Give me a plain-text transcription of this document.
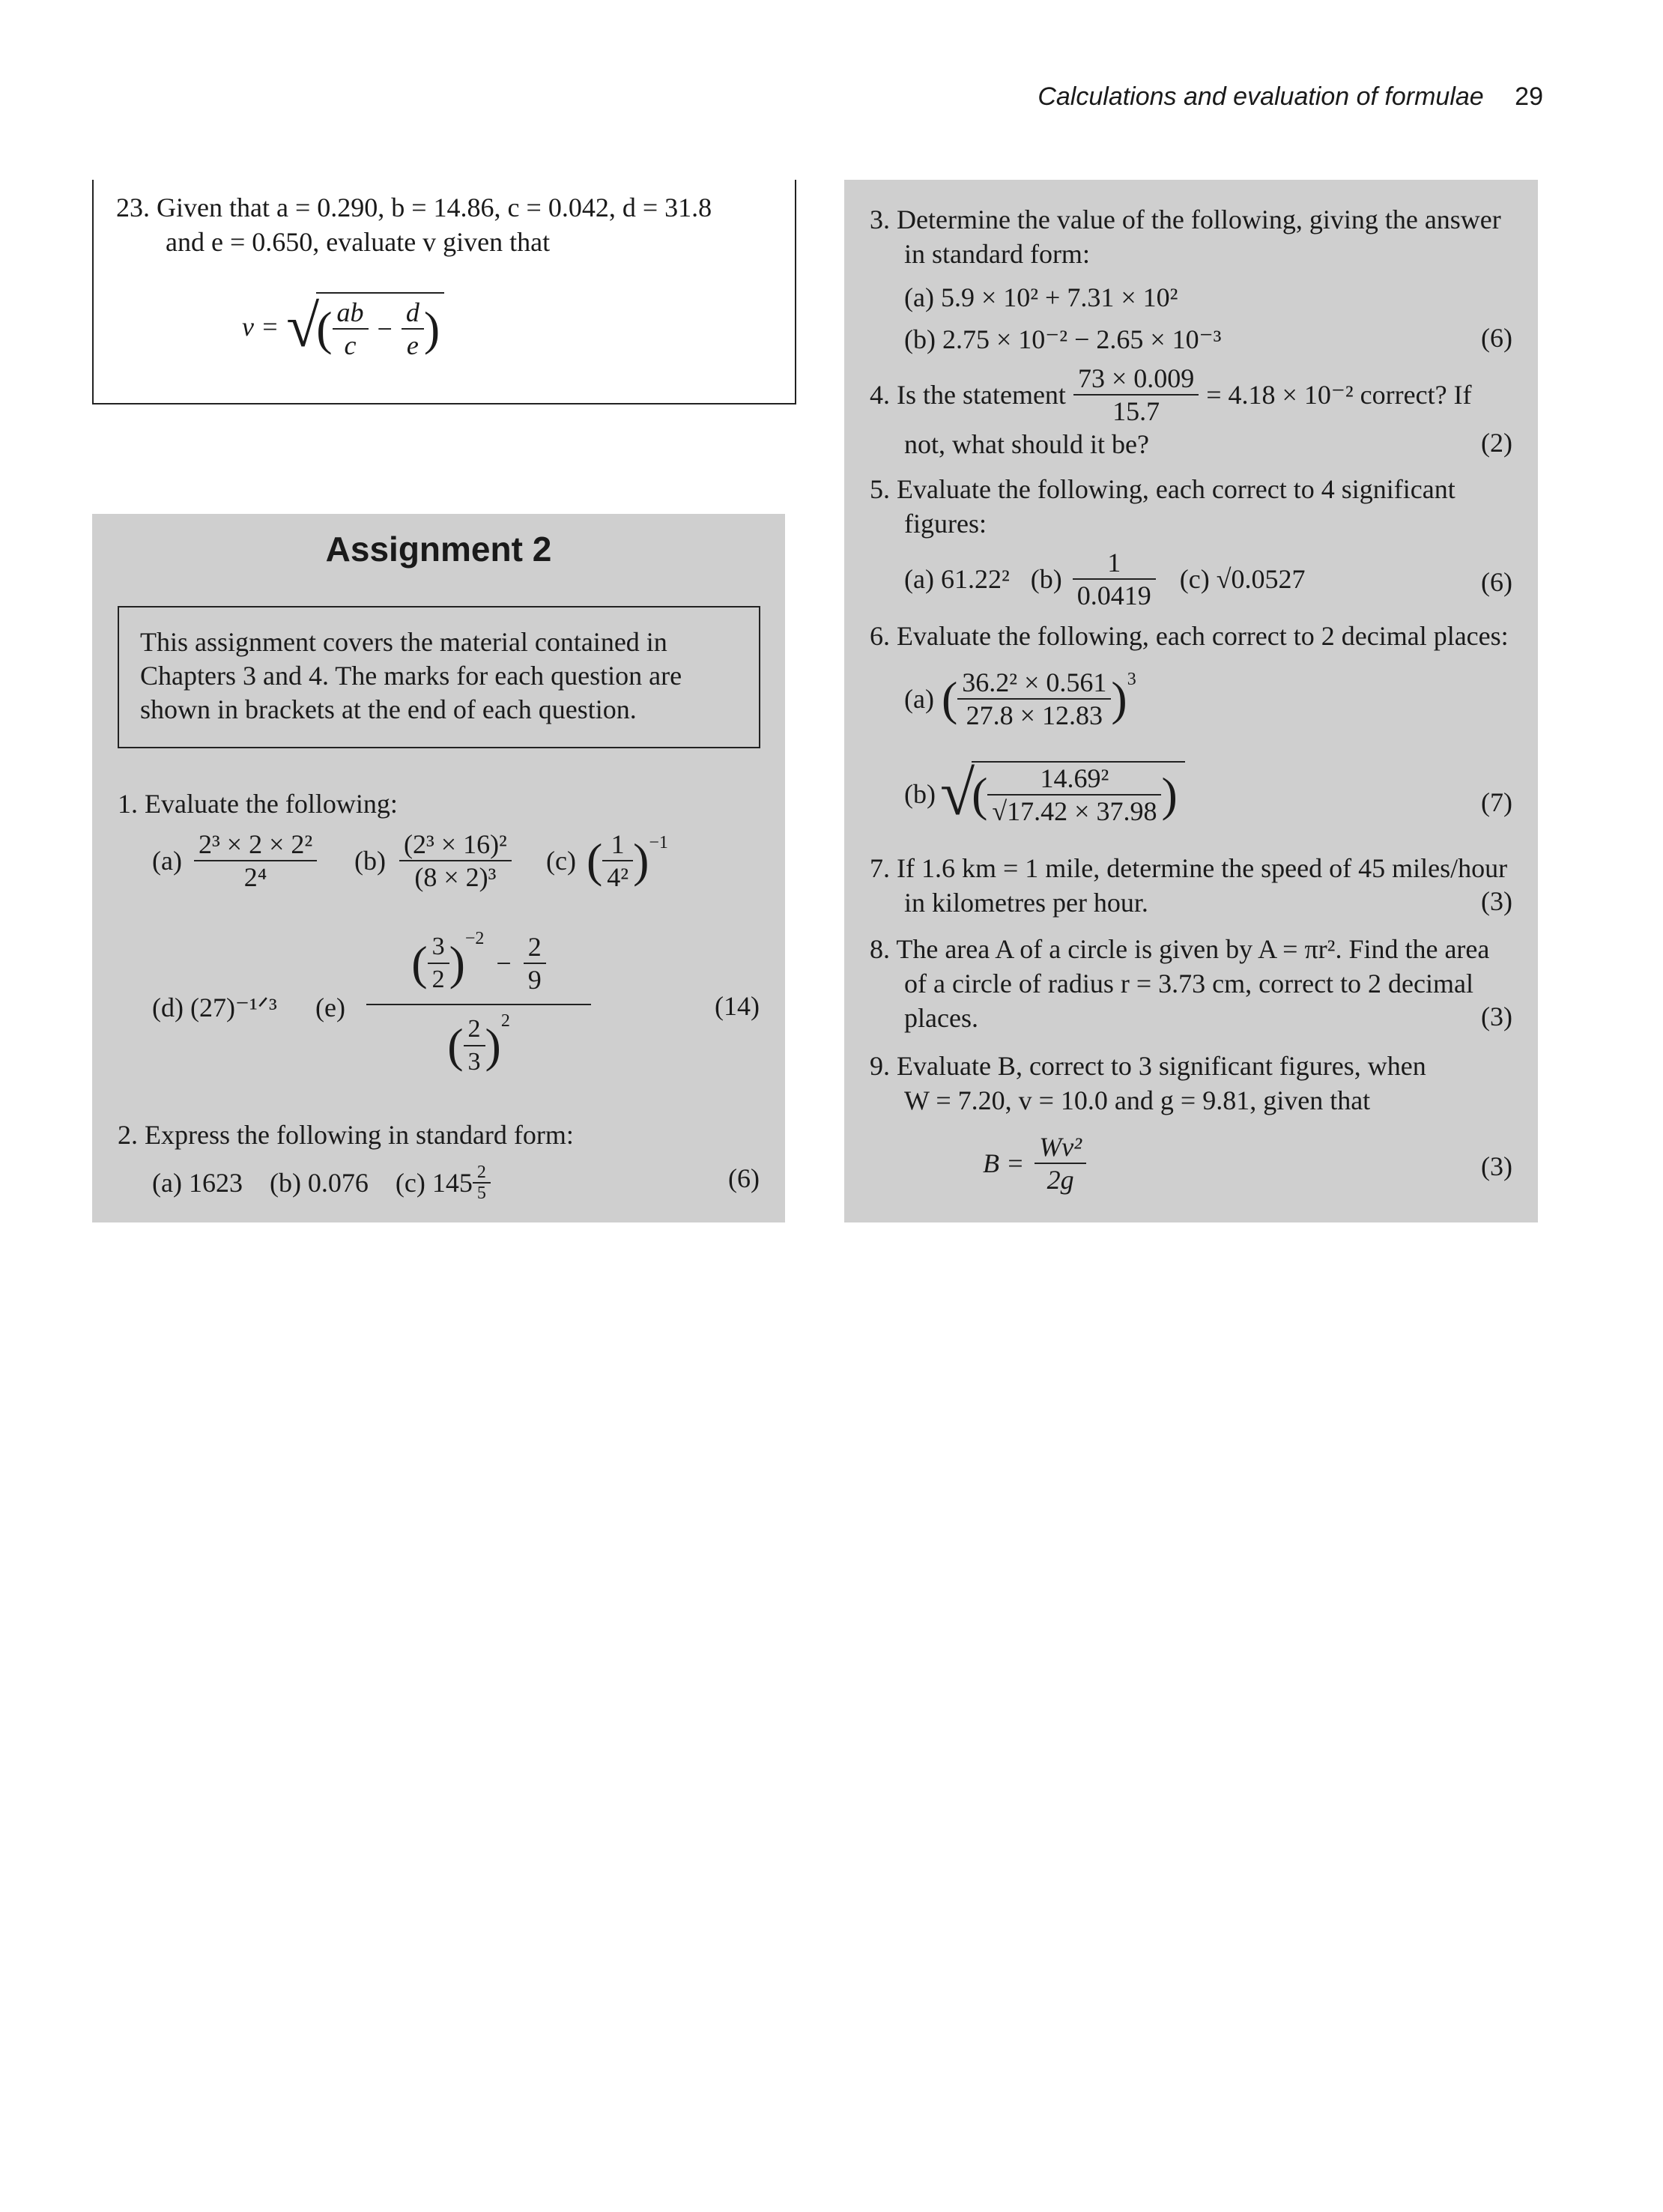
Calculations and evaluation of formulae 29
23. Given that a = 0.290, b = 14.86, c = 0.042, d = 31.8
and e = 0.650, evaluate v given that
v = √
( $\frac{ab}{c} - \frac{d}{e}$ )
Assignment 2
This assignment covers the material contained in Chapters 3 and 4. The marks for each question are shown in brackets at the end of each question.
1. Evaluate the following:
$(a) \frac{\text{2³ × 2 × 2²}}{\text{2⁴}} (b) \frac{\text{(2³ × 16)²}}{\text{(8 × 2)³}} (c)$ ( $\frac{1}{\text{4²}} )^{-1}$
(d) (27)⁻¹ᐟ³ (e)
( $\frac{3}{2} )^{-2}$
− $\frac{2}{9}$
( $\frac{2}{3} )^2$	(14)
2. Express the following in standard form:
(a) 1623    (b) 0.076    (c) $145 \frac{2}{5}$	(6)
3. Determine the value of the following, giving the answer
in standard form:
(a) 5.9 × 10² + 7.31 × 10²
(b) 2.75 × 10⁻² − 2.65 × 10⁻³	(6)
4. Is the statement $\frac{73 \times 0.009}{15.7} = 4.18 \times 10^{-2}$ correct? If
not, what should it be?	(2)
5. Evaluate the following, each correct to 4 significant
figures:
(a) 61.22² $(b) \frac{1}{0.0419} (c)$ √0.0527	(6)
6. Evaluate the following, each correct to 2 decimal places:
(a) ( $\frac{\text{36.2² × 0.561}}{27.8 \times 12.83} )^3$
(b) √
( $\frac{\text{14.69²}}{√17.42 \times 37.98}$ )	(7)
7. If 1.6 km = 1 mile, determine the speed of 45 miles/hour
in kilometres per hour.	(3)
8. The area A of a circle is given by A = πr². Find the area
of a circle of radius r = 3.73 cm, correct to 2 decimal
places.	(3)
9. Evaluate B, correct to 3 significant figures, when
W = 7.20, v = 10.0 and g = 9.81, given that
$B = \frac{\text{Wv²}}{2g}$	(3)
